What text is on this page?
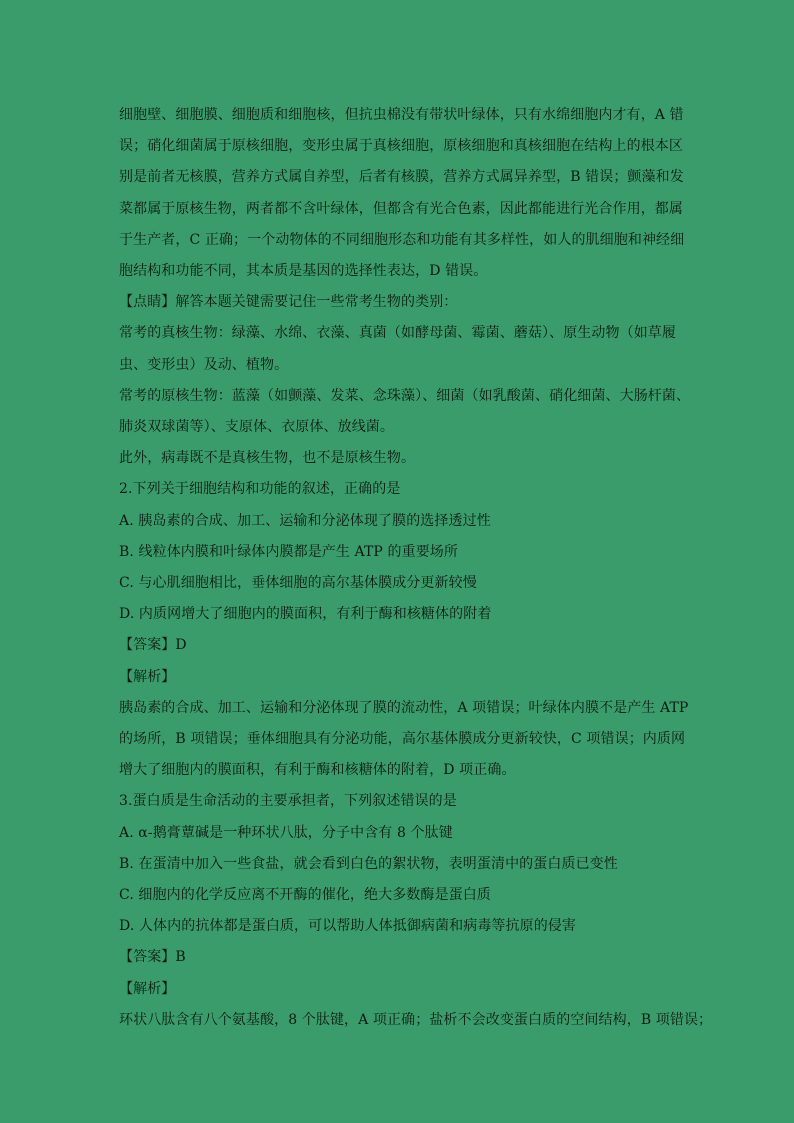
细胞壁、细胞膜、细胞质和细胞核，但抗虫棉没有带状叶绿体，只有水绵细胞内才有，A 错
误；硝化细菌属于原核细胞，变形虫属于真核细胞，原核细胞和真核细胞在结构上的根本区
别是前者无核膜，营养方式属自养型，后者有核膜，营养方式属异养型，B 错误；颤藻和发
菜都属于原核生物，两者都不含叶绿体，但都含有光合色素，因此都能进行光合作用，都属
于生产者，C 正确；一个动物体的不同细胞形态和功能有其多样性，如人的肌细胞和神经细
胞结构和功能不同，其本质是基因的选择性表达，D 错误。
【点睛】解答本题关键需要记住一些常考生物的类别：
常考的真核生物：绿藻、水绵、衣藻、真菌（如酵母菌、霉菌、蘑菇）、原生动物（如草履
虫、变形虫）及动、植物。
常考的原核生物：蓝藻（如颤藻、发菜、念珠藻）、细菌（如乳酸菌、硝化细菌、大肠杆菌、
肺炎双球菌等）、支原体、衣原体、放线菌。
此外，病毒既不是真核生物，也不是原核生物。
2.下列关于细胞结构和功能的叙述，正确的是
A. 胰岛素的合成、加工、运输和分泌体现了膜的选择透过性
B. 线粒体内膜和叶绿体内膜都是产生 ATP 的重要场所
C. 与心肌细胞相比，垂体细胞的高尔基体膜成分更新较慢
D. 内质网增大了细胞内的膜面积，有利于酶和核糖体的附着
【答案】D
【解析】
胰岛素的合成、加工、运输和分泌体现了膜的流动性，A 项错误；叶绿体内膜不是产生 ATP
的场所，B 项错误；垂体细胞具有分泌功能，高尔基体膜成分更新较快，C 项错误；内质网
增大了细胞内的膜面积，有利于酶和核糖体的附着，D 项正确。
3.蛋白质是生命活动的主要承担者，下列叙述错误的是
A. α-鹅膏蕈碱是一种环状八肽，分子中含有 8 个肽键
B. 在蛋清中加入一些食盐，就会看到白色的絮状物，表明蛋清中的蛋白质已变性
C. 细胞内的化学反应离不开酶的催化，绝大多数酶是蛋白质
D. 人体内的抗体都是蛋白质，可以帮助人体抵御病菌和病毒等抗原的侵害
【答案】B
【解析】
环状八肽含有八个氨基酸，8 个肽键，A 项正确；盐析不会改变蛋白质的空间结构，B 项错误；
